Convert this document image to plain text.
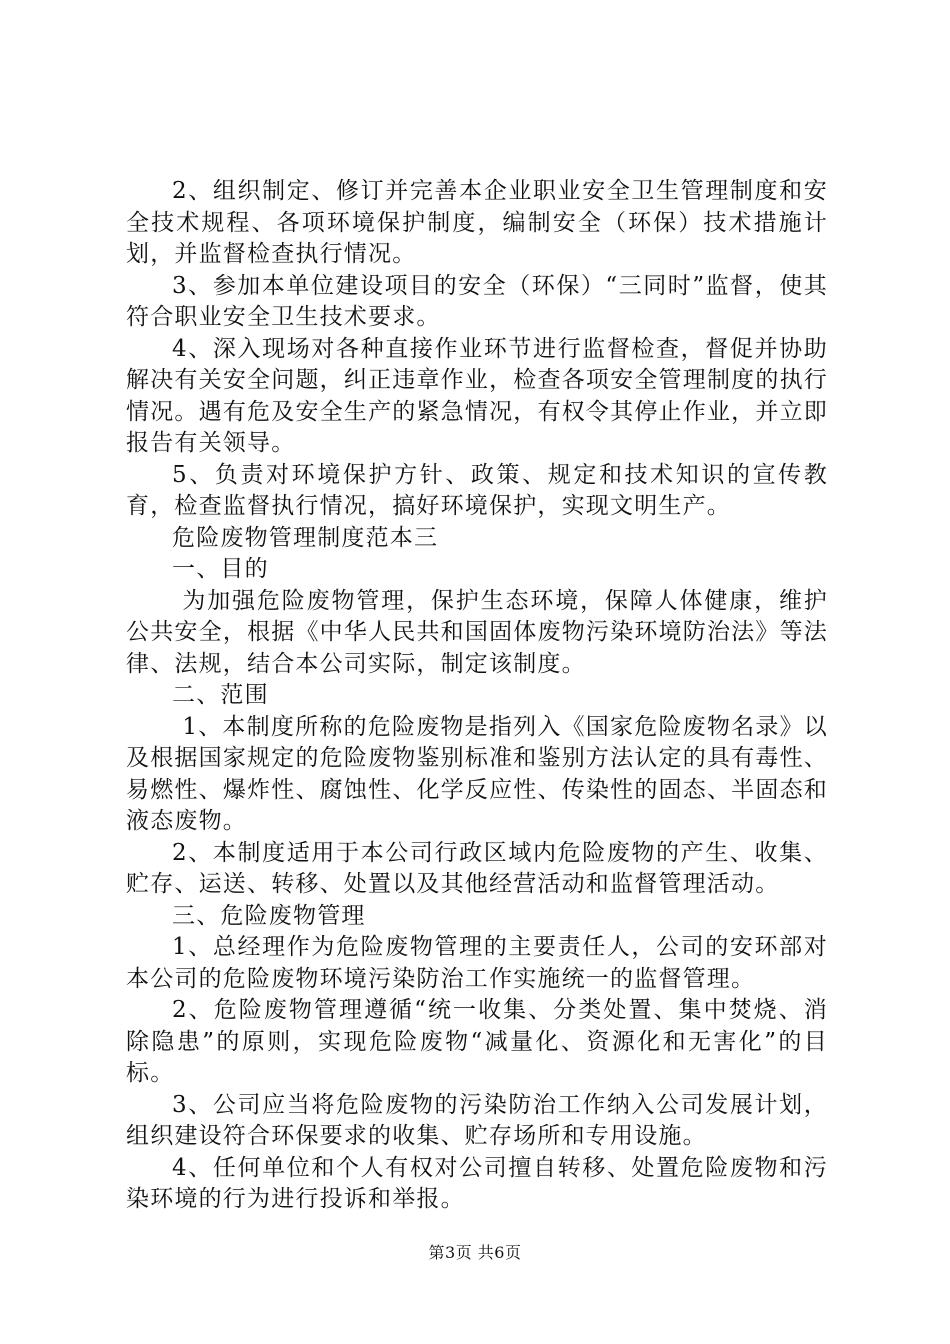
2、组织制定、修订并完善本企业职业安全卫生管理制度和安全技术规程、各项环境保护制度，编制安全（环保）技术措施计划，并监督检查执行情况。

3、参加本单位建设项目的安全（环保）“三同时”监督，使其符合职业安全卫生技术要求。

4、深入现场对各种直接作业环节进行监督检查，督促并协助解决有关安全问题，纠正违章作业，检查各项安全管理制度的执行情况。遇有危及安全生产的紧急情况，有权令其停止作业，并立即报告有关领导。

5、负责对环境保护方针、政策、规定和技术知识的宣传教育，检查监督执行情况，搞好环境保护，实现文明生产。

危险废物管理制度范本三

一、目的

为加强危险废物管理，保护生态环境，保障人体健康，维护公共安全，根据《中华人民共和国固体废物污染环境防治法》等法律、法规，结合本公司实际，制定该制度。

二、范围

1、本制度所称的危险废物是指列入《国家危险废物名录》以及根据国家规定的危险废物鉴别标准和鉴别方法认定的具有毒性、易燃性、爆炸性、腐蚀性、化学反应性、传染性的固态、半固态和液态废物。

2、本制度适用于本公司行政区域内危险废物的产生、收集、贮存、运送、转移、处置以及其他经营活动和监督管理活动。

三、危险废物管理

1、总经理作为危险废物管理的主要责任人，公司的安环部对本公司的危险废物环境污染防治工作实施统一的监督管理。

2、危险废物管理遵循“统一收集、分类处置、集中焚烧、消除隐患”的原则，实现危险废物“减量化、资源化和无害化”的目标。

3、公司应当将危险废物的污染防治工作纳入公司发展计划，组织建设符合环保要求的收集、贮存场所和专用设施。

4、任何单位和个人有权对公司擅自转移、处置危险废物和污染环境的行为进行投诉和举报。

第3页 共6页
